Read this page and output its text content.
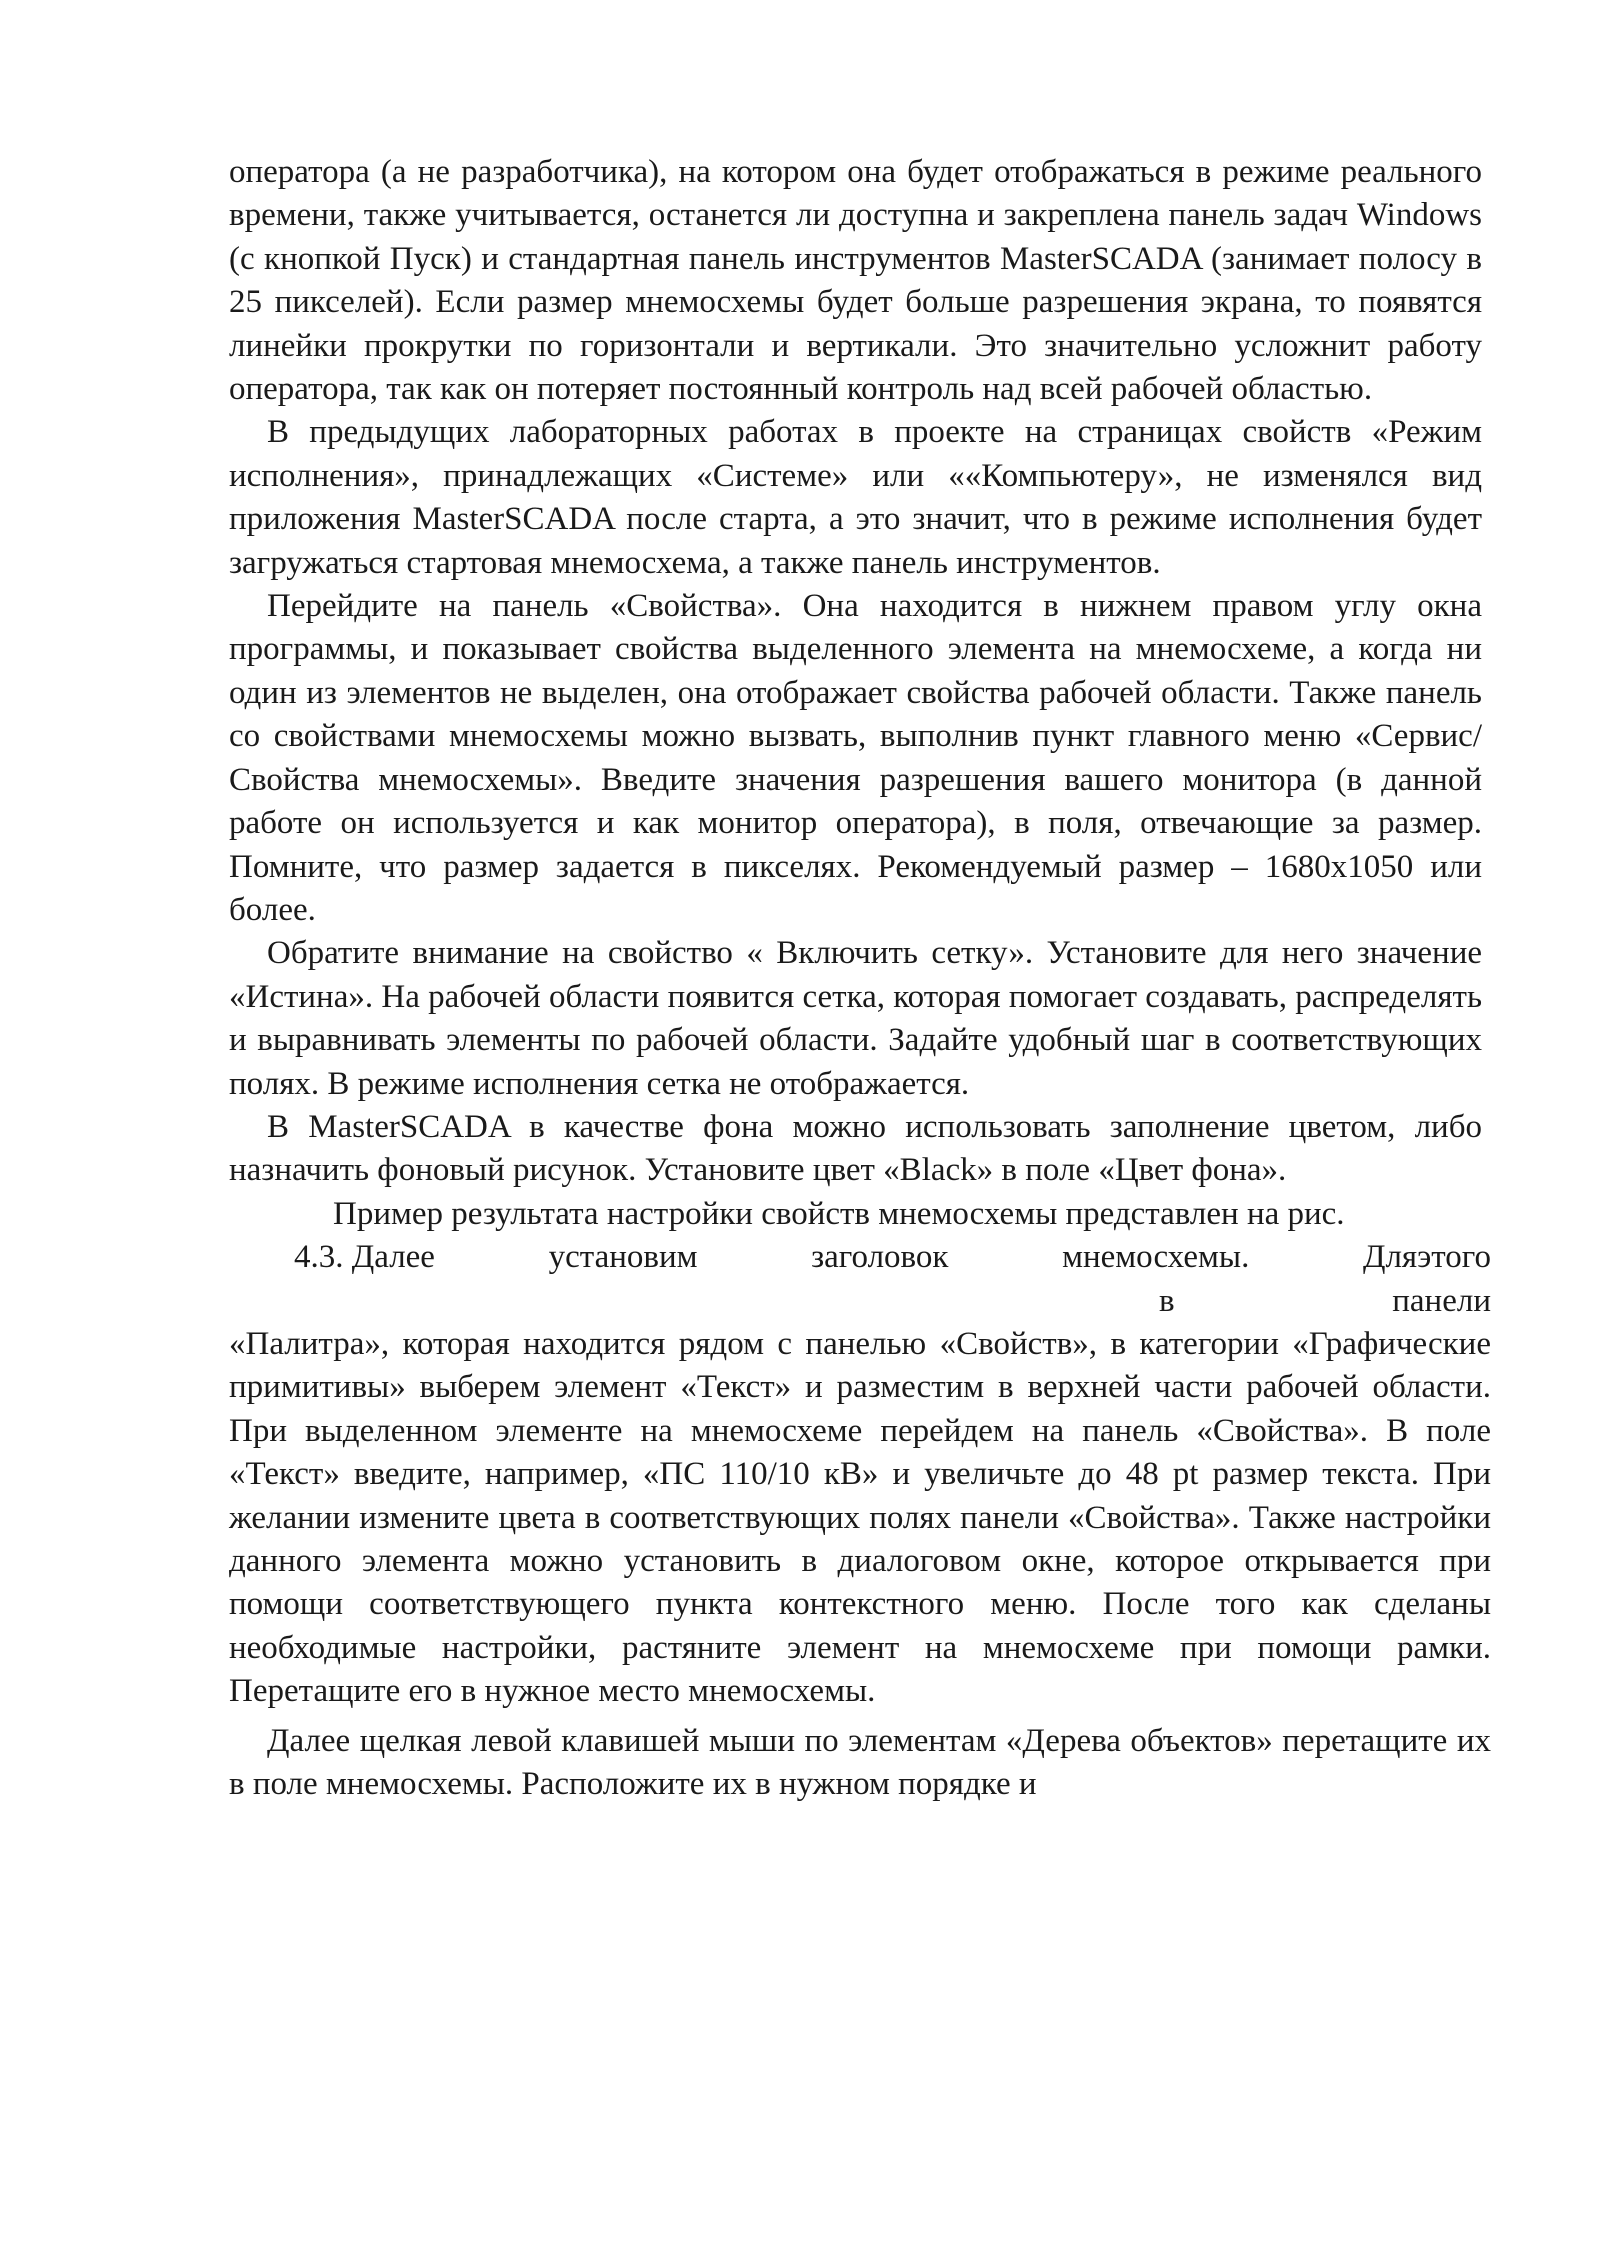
оператора (а не разработчика), на котором она будет отображаться в режиме реального времени, также учитывается, останется ли доступна и закреплена панель задач Windows (с кнопкой Пуск) и стандартная панель инструментов MasterSCADA (занимает полосу в 25 пикселей). Если размер мнемосхемы будет больше разрешения экрана, то появятся линейки прокрутки по горизонтали и вертикали. Это значительно усложнит работу оператора, так как он потеряет постоянный контроль над всей рабочей областью.

В предыдущих лабораторных работах в проекте на страницах свойств «Режим исполнения», принадлежащих «Системе» или ««Компьютеру», не изменялся вид приложения MasterSCADA после старта, а это значит, что в режиме исполнения будет загружаться стартовая мнемосхема, а также панель инструментов.

Перейдите на панель «Свойства». Она находится в нижнем правом углу окна программы, и показывает свойства выделенного элемента на мнемосхеме, а когда ни один из элементов не выделен, она отображает свойства рабочей области. Также панель со свойствами мнемосхемы можно вызвать, выполнив пункт главного меню «Сервис/ Свойства мнемосхемы». Введите значения разрешения вашего монитора (в данной работе он используется и как монитор оператора), в поля, отвечающие за размер. Помните, что размер задается в пикселях. Рекомендуемый размер – 1680x1050 или более.

Обратите внимание на свойство « Включить сетку». Установите для него значение «Истина». На рабочей области появится сетка, которая помогает создавать, распределять и выравнивать элементы по рабочей области. Задайте удобный шаг в соответствующих полях. В режиме исполнения сетка не отображается.

В MasterSCADA в качестве фона можно использовать заполнение цветом, либо назначить фоновый рисунок. Установите цвет «Black» в поле «Цвет фона».

Пример результата настройки свойств мнемосхемы представлен на рис.

4.3. Далее	установим	заголовок	мнемосхемы.	Дляэтого
в	панели

«Палитра», которая находится рядом с панелью «Свойств», в категории «Графические примитивы» выберем элемент «Текст» и разместим в верхней части рабочей области. При выделенном элементе на мнемосхеме перейдем на панель «Свойства». В поле «Текст» введите, например, «ПС 110/10 кВ» и увеличьте до 48 pt размер текста. При желании измените цвета в соответствующих полях панели «Свойства». Также настройки данного элемента можно установить в диалоговом окне, которое открывается при помощи соответствующего пункта контекстного меню. После того как сделаны необходимые настройки, растяните элемент на мнемосхеме при помощи рамки. Перетащите его в нужное место мнемосхемы.

Далее щелкая левой клавишей мыши по элементам «Дерева объектов» перетащите их в поле мнемосхемы. Расположите их в нужном порядке и
